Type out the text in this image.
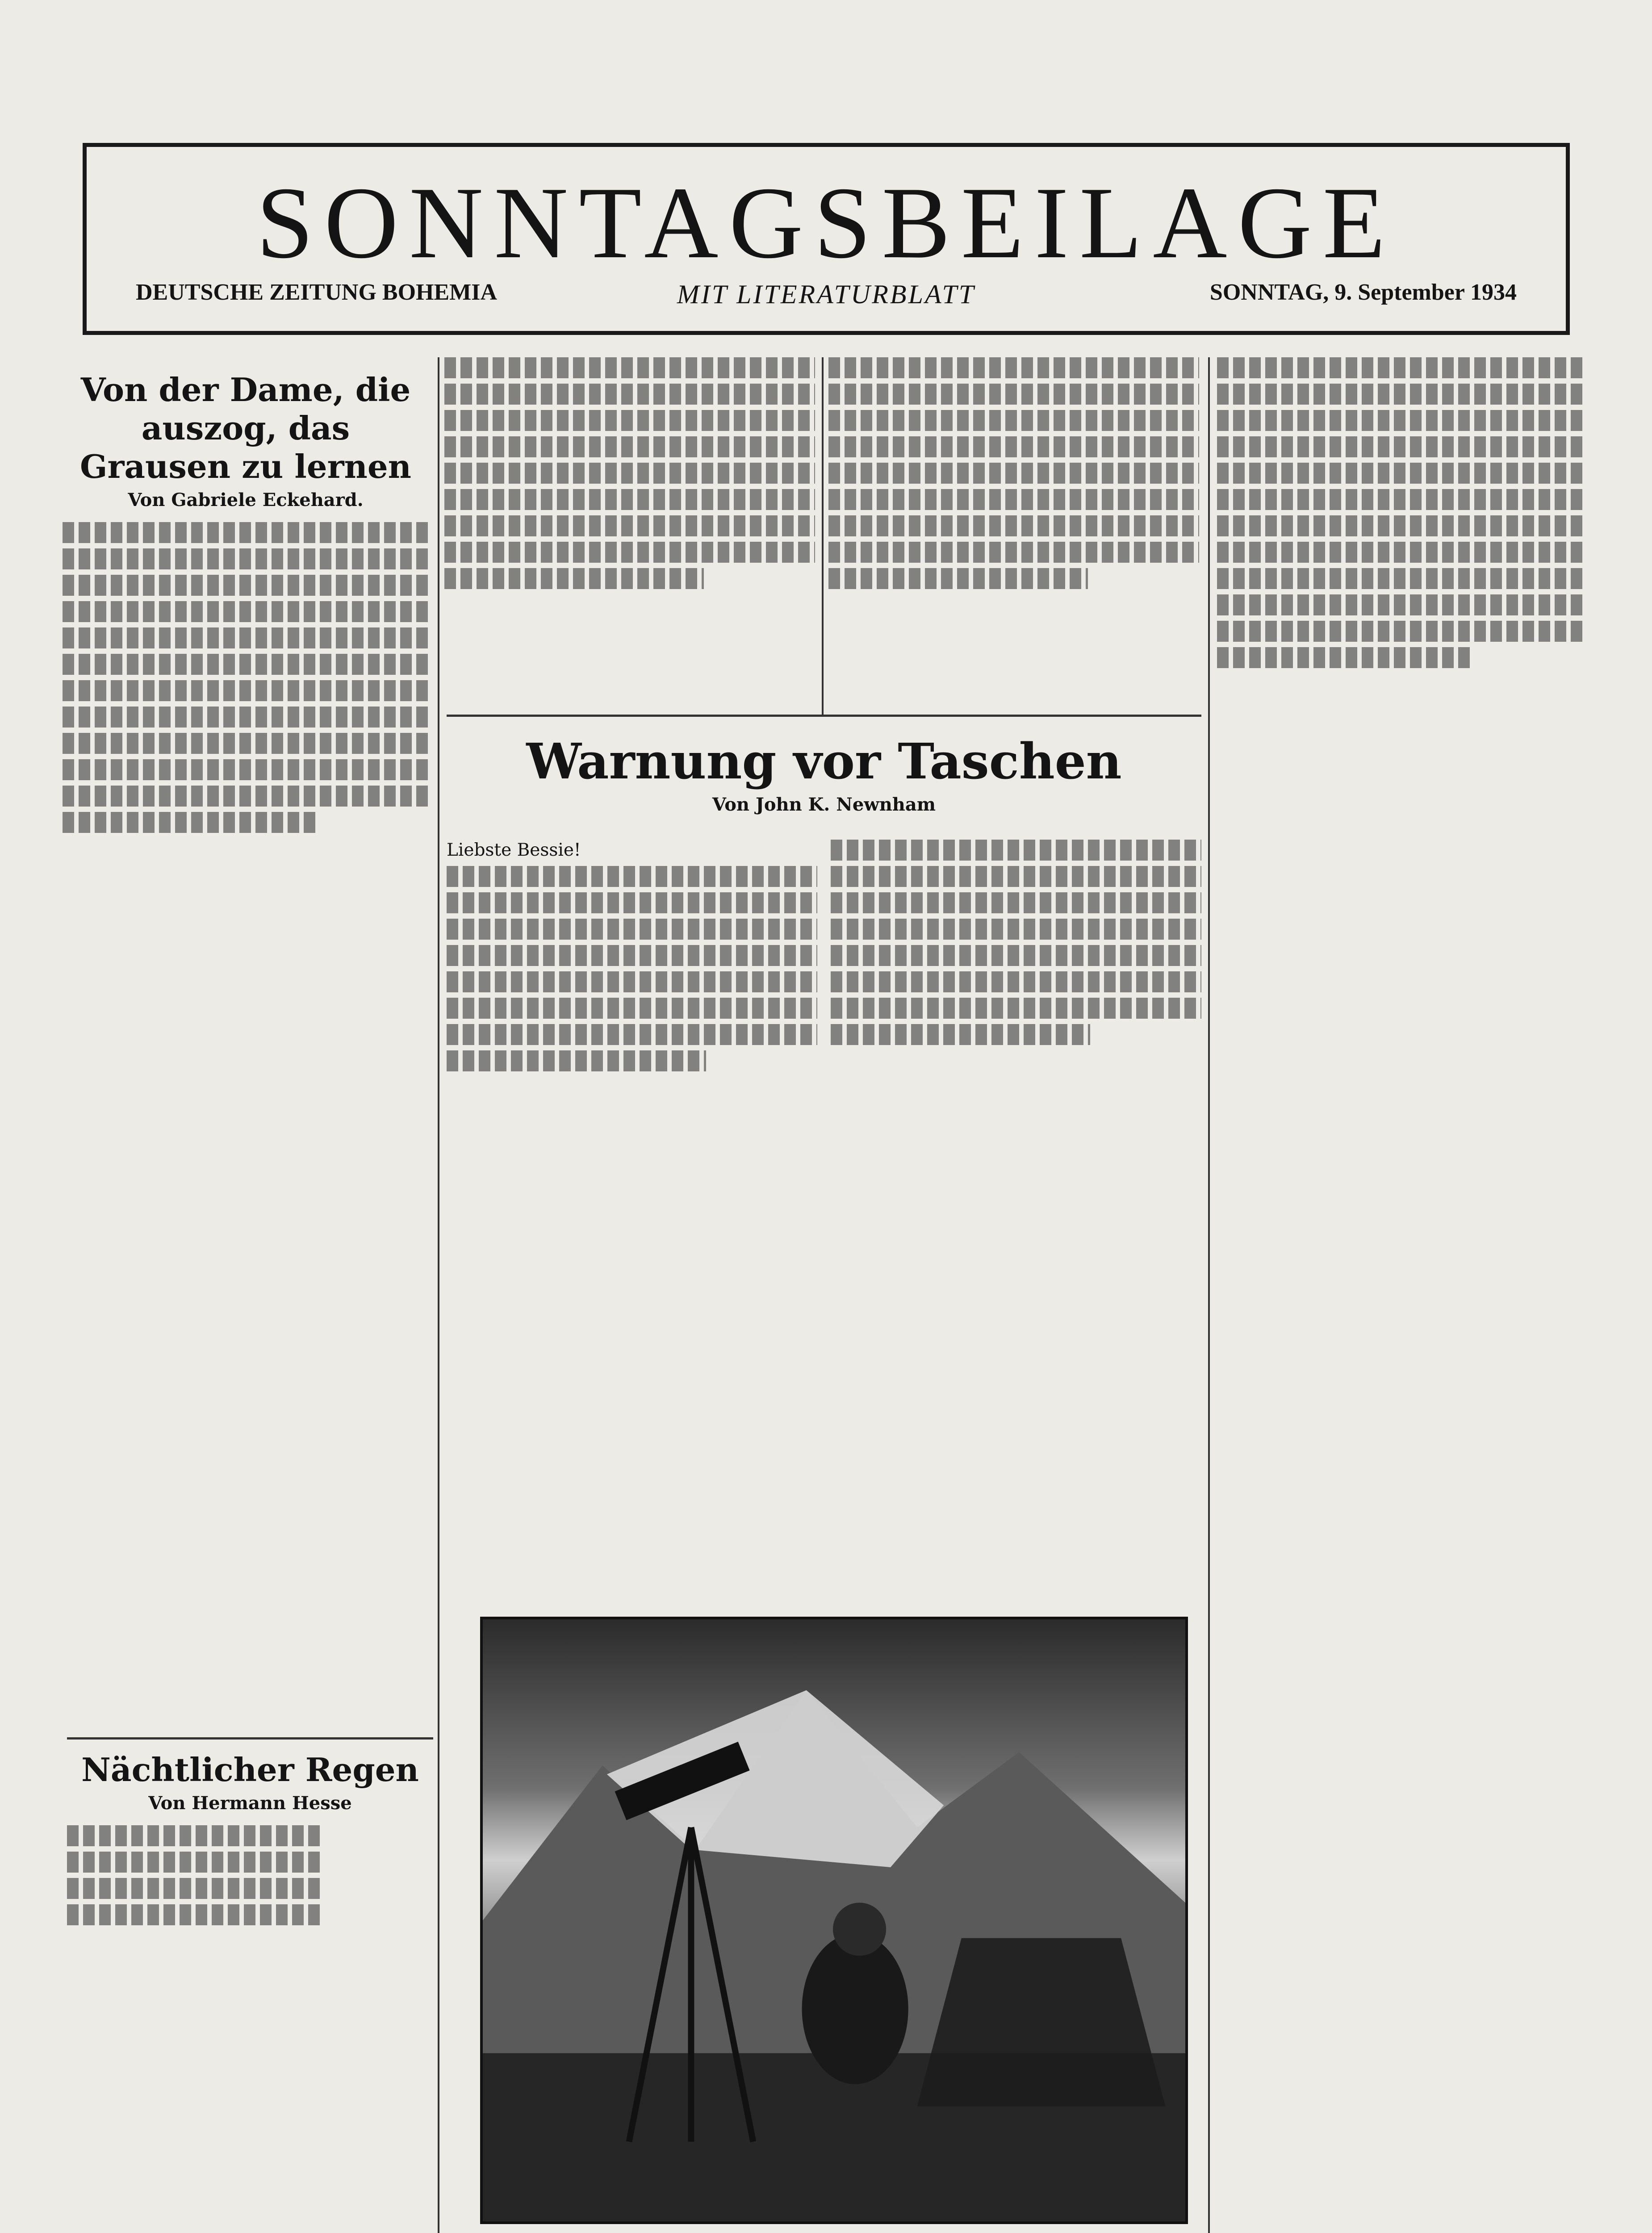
SONNTAGSBEILAGE
DEUTSCHE ZEITUNG BOHEMIA	MIT LITERATURBLATT	SONNTAG, 9. September 1934
Von der Dame, die auszog, das Grausen zu lernen
Von Gabriele Eckehard.
Nächtlicher Regen
Von Hermann Hesse
Warnung vor Taschen
Von John K. Newnham
Liebste Bessie!
